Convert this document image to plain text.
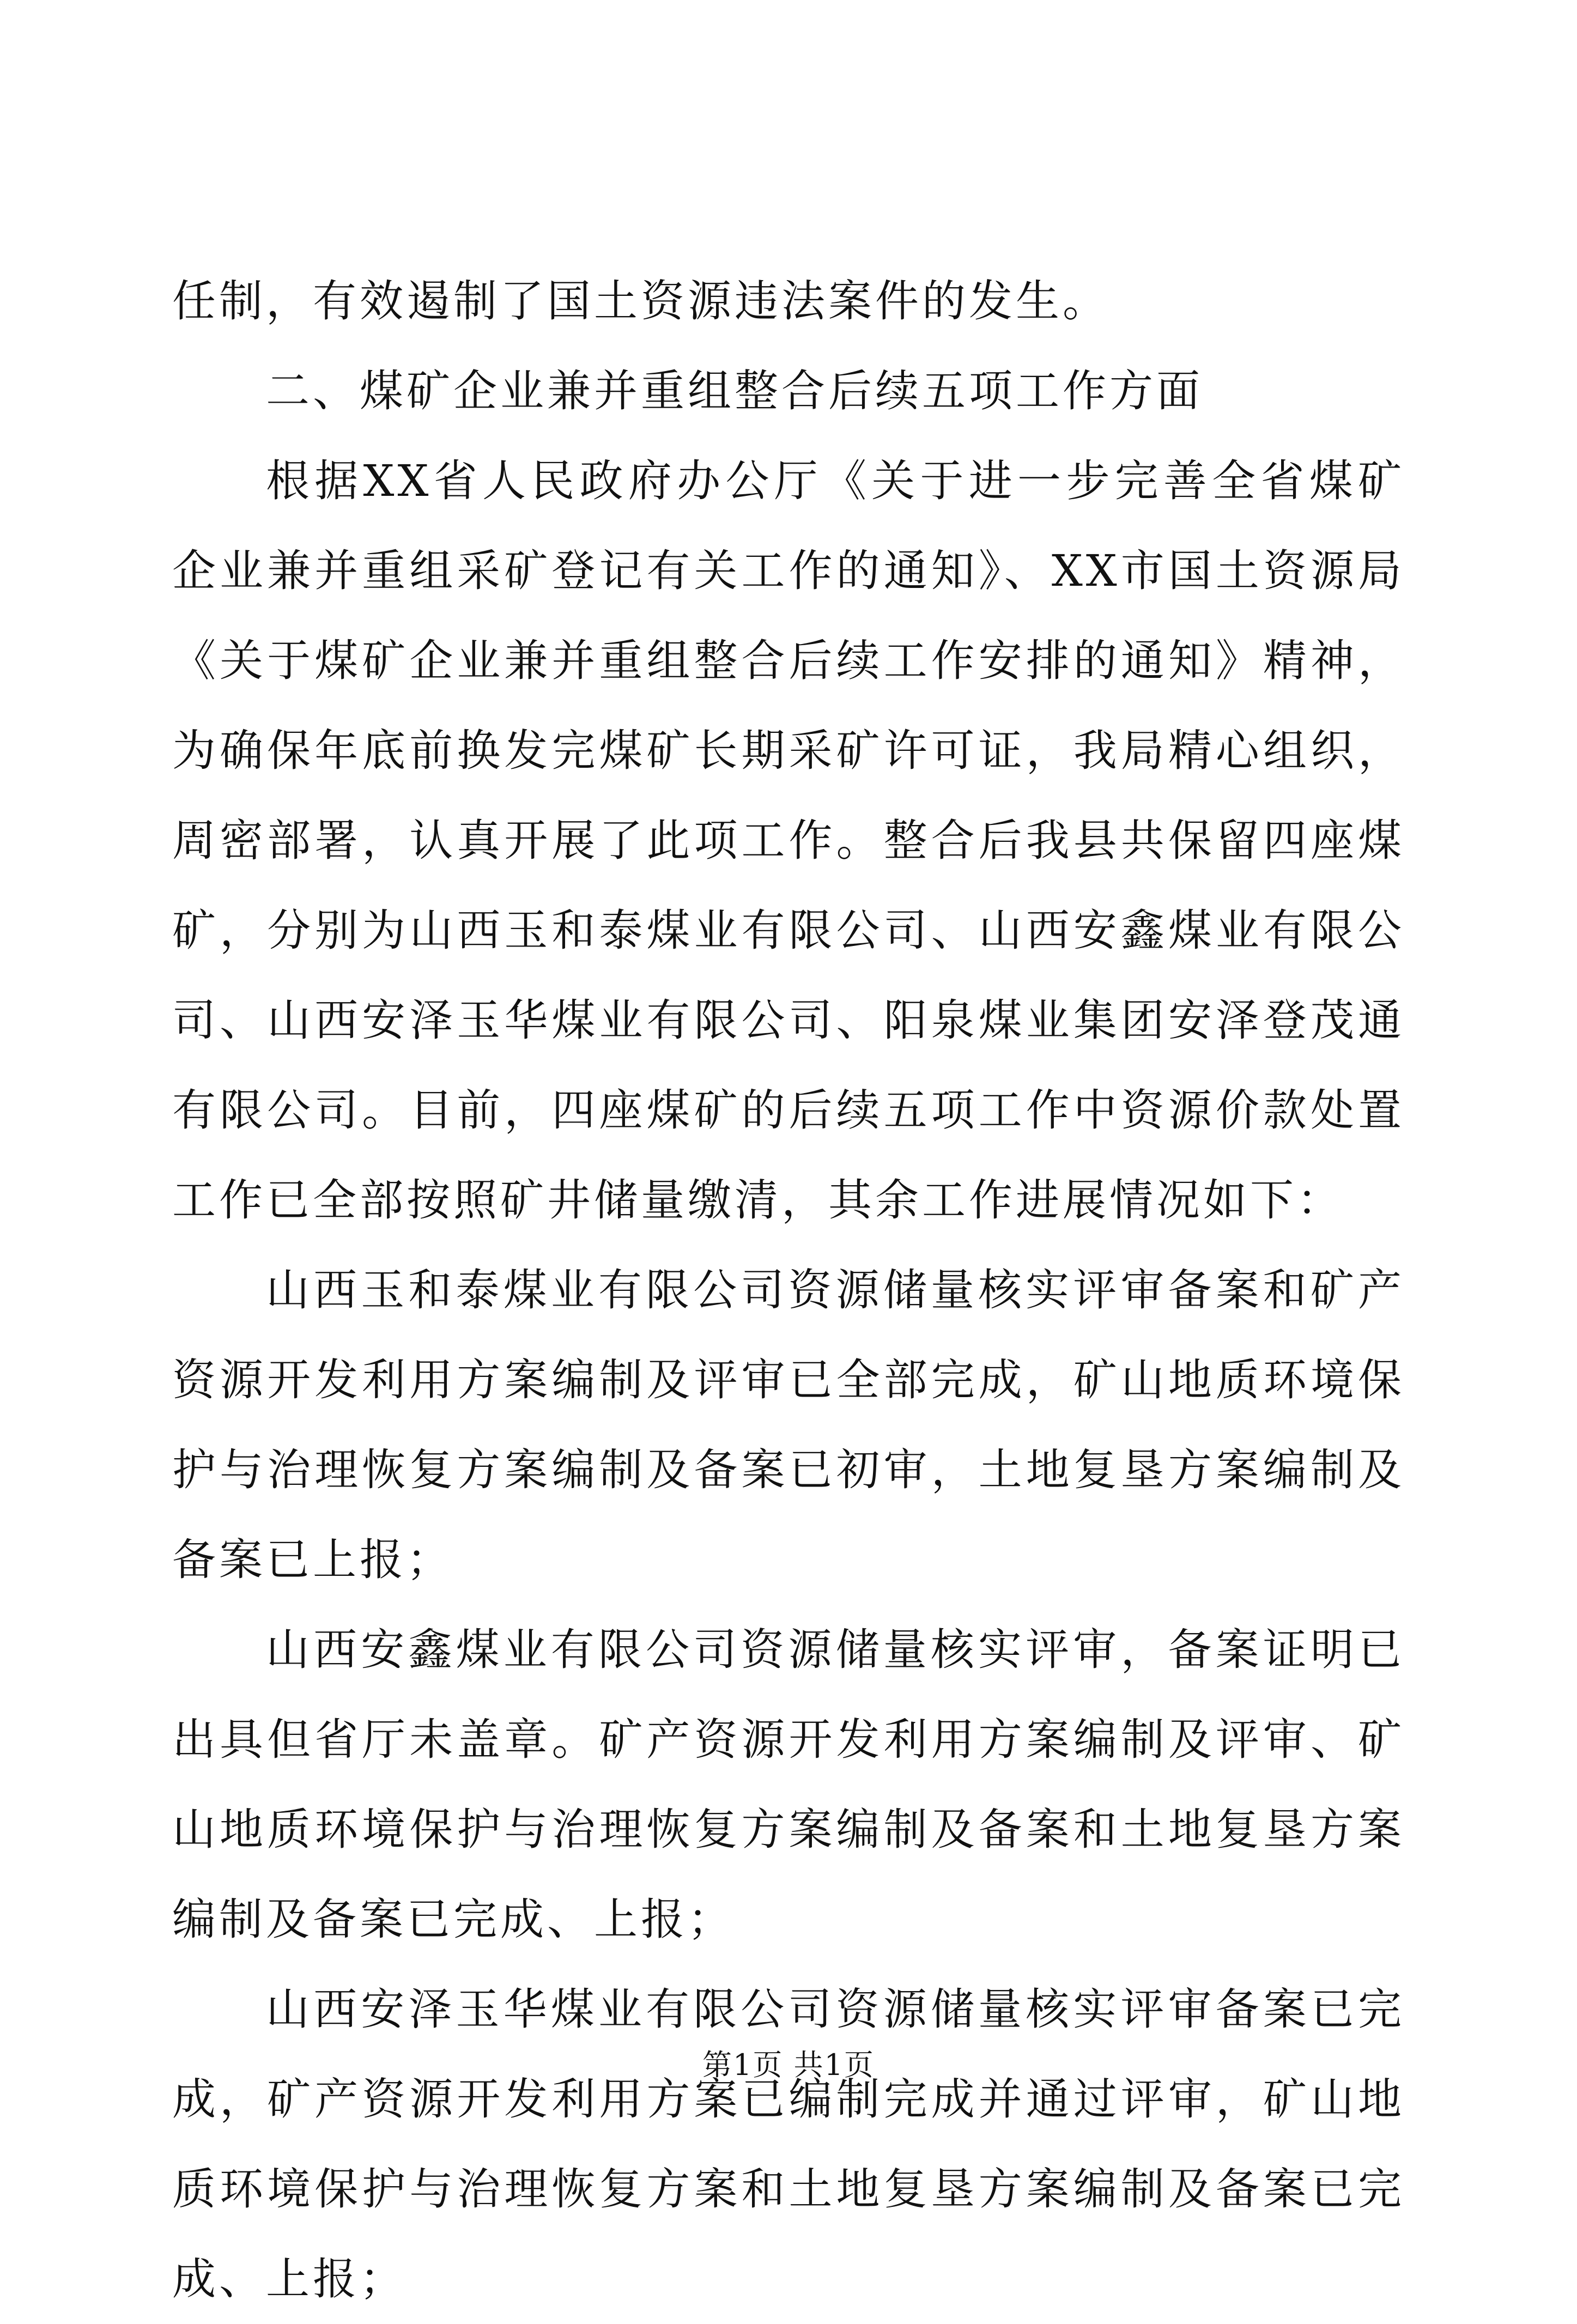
任制，有效遏制了国土资源违法案件的发生。

二、煤矿企业兼并重组整合后续五项工作方面

根据XX省人民政府办公厅《关于进一步完善全省煤矿企业兼并重组采矿登记有关工作的通知》、XX市国土资源局《关于煤矿企业兼并重组整合后续工作安排的通知》精神，为确保年底前换发完煤矿长期采矿许可证，我局精心组织，周密部署，认真开展了此项工作。整合后我县共保留四座煤矿，分别为山西玉和泰煤业有限公司、山西安鑫煤业有限公司、山西安泽玉华煤业有限公司、阳泉煤业集团安泽登茂通有限公司。目前，四座煤矿的后续五项工作中资源价款处置工作已全部按照矿井储量缴清，其余工作进展情况如下：

山西玉和泰煤业有限公司资源储量核实评审备案和矿产资源开发利用方案编制及评审已全部完成，矿山地质环境保护与治理恢复方案编制及备案已初审，土地复垦方案编制及备案已上报；

山西安鑫煤业有限公司资源储量核实评审，备案证明已出具但省厅未盖章。矿产资源开发利用方案编制及评审、矿山地质环境保护与治理恢复方案编制及备案和土地复垦方案编制及备案已完成、上报；

山西安泽玉华煤业有限公司资源储量核实评审备案已完成，矿产资源开发利用方案已编制完成并通过评审，矿山地质环境保护与治理恢复方案和土地复垦方案编制及备案已完成、上报；

第1页 共1页
